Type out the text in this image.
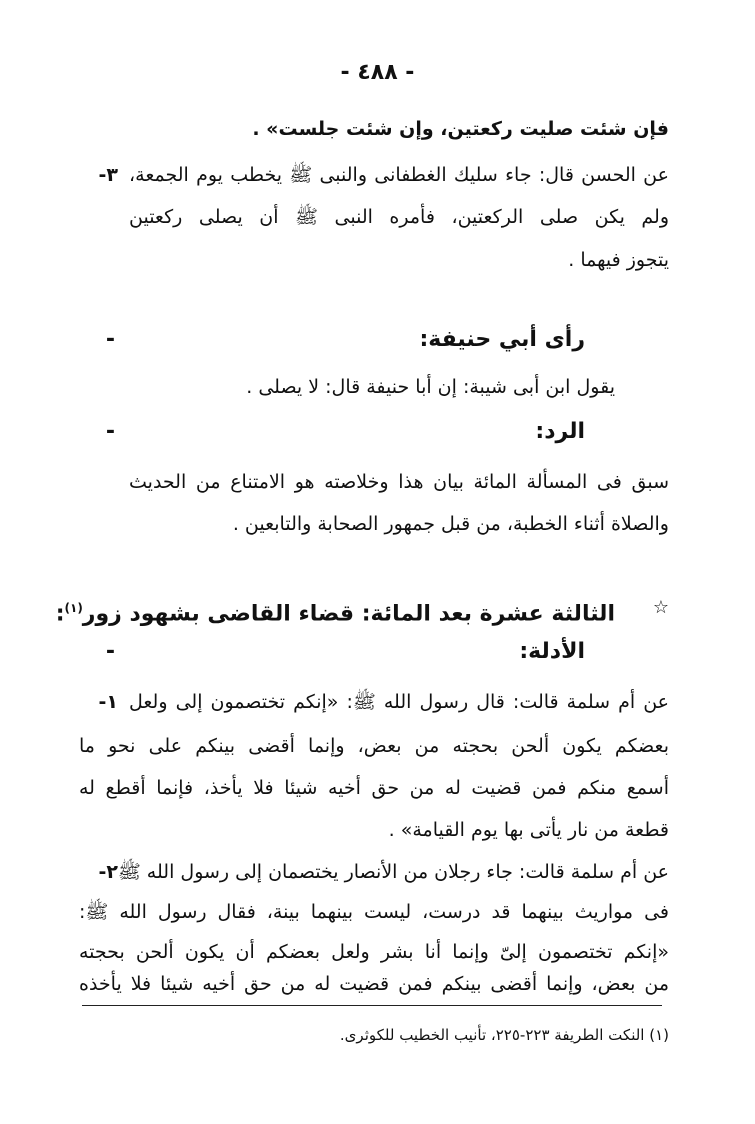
- ٤٨٨ -
فإن شئت صليت ركعتين، وإن شئت جلست» .
٣- عن الحسن قال: جاء سليك الغطفانى والنبى ﷺ يخطب يوم الجمعة،
ولم يكن صلى الركعتين، فأمره النبى ﷺ أن يصلى ركعتين
يتجوز فيهما .
-	رأى أبي حنيفة:
يقول ابن أبى شيبة: إن أبا حنيفة قال: لا يصلى .
-	الرد:
سبق فى المسألة المائة بيان هذا وخلاصته هو الامتناع من الحديث
والصلاة أثناء الخطبة، من قبل جمهور الصحابة والتابعين .
☆
الثالثة عشرة بعد المائة: قضاء القاضى بشهود زور$^{(١)}$:
-	الأدلة:
١- عن أم سلمة قالت: قال رسول الله ﷺ: «إنكم تختصمون إلى ولعل
بعضكم يكون ألحن بحجته من بعض، وإنما أقضى بينكم على نحو ما
أسمع منكم فمن قضيت له من حق أخيه شيئا فلا يأخذ، فإنما أقطع له
قطعة من نار يأتى بها يوم القيامة» .
٢- عن أم سلمة قالت: جاء رجلان من الأنصار يختصمان إلى رسول الله ﷺ
فى مواريث بينهما قد درست، ليست بينهما بينة، فقال رسول الله ﷺ:
«إنكم تختصمون إلىّ وإنما أنا بشر ولعل بعضكم أن يكون ألحن بحجته
من بعض، وإنما أقضى بينكم فمن قضيت له من حق أخيه شيئا فلا يأخذه
(١) النكت الطريفة ٢٢٣-٢٢٥، تأنيب الخطيب للكوثرى.
